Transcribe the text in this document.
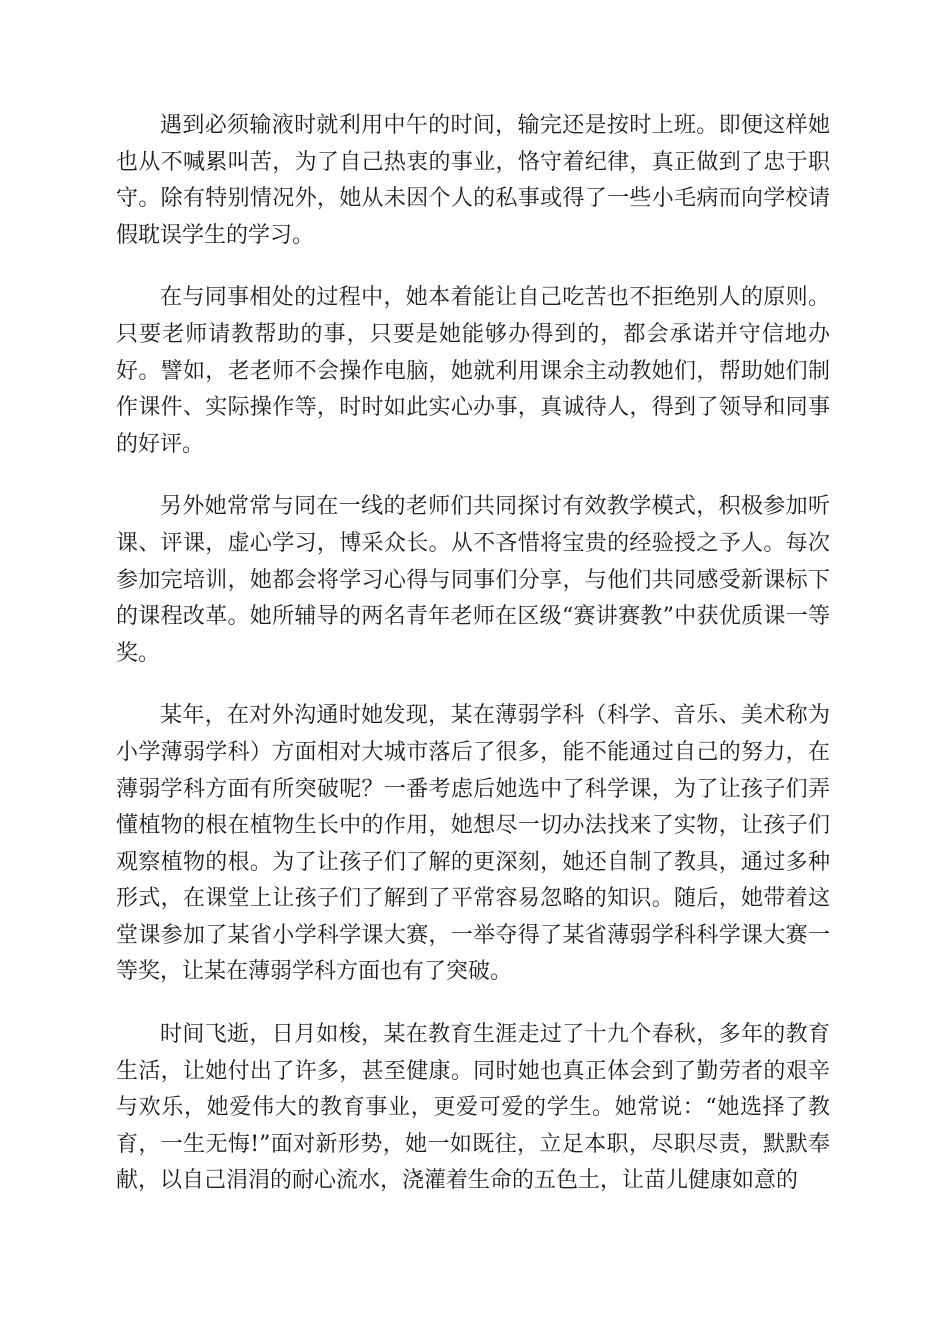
遇到必须输液时就利用中午的时间，输完还是按时上班。即便这样她也从不喊累叫苦，为了自己热衷的事业，恪守着纪律，真正做到了忠于职守。除有特别情况外，她从未因个人的私事或得了一些小毛病而向学校请假耽误学生的学习。

在与同事相处的过程中，她本着能让自己吃苦也不拒绝别人的原则。只要老师请教帮助的事，只要是她能够办得到的，都会承诺并守信地办好。譬如，老老师不会操作电脑，她就利用课余主动教她们，帮助她们制作课件、实际操作等，时时如此实心办事，真诚待人，得到了领导和同事的好评。

另外她常常与同在一线的老师们共同探讨有效教学模式，积极参加听课、评课，虚心学习，博采众长。从不吝惜将宝贵的经验授之予人。每次参加完培训，她都会将学习心得与同事们分享，与他们共同感受新课标下的课程改革。她所辅导的两名青年老师在区级“赛讲赛教”中获优质课一等奖。

某年，在对外沟通时她发现，某在薄弱学科（科学、音乐、美术称为小学薄弱学科）方面相对大城市落后了很多，能不能通过自己的努力，在薄弱学科方面有所突破呢？一番考虑后她选中了科学课，为了让孩子们弄懂植物的根在植物生长中的作用，她想尽一切办法找来了实物，让孩子们观察植物的根。为了让孩子们了解的更深刻，她还自制了教具，通过多种形式，在课堂上让孩子们了解到了平常容易忽略的知识。随后，她带着这堂课参加了某省小学科学课大赛，一举夺得了某省薄弱学科科学课大赛一等奖，让某在薄弱学科方面也有了突破。

时间飞逝，日月如梭，某在教育生涯走过了十九个春秋，多年的教育生活，让她付出了许多，甚至健康。同时她也真正体会到了勤劳者的艰辛与欢乐，她爱伟大的教育事业，更爱可爱的学生。她常说：“她选择了教育，一生无悔!”面对新形势，她一如既往，立足本职，尽职尽责，默默奉献，以自己涓涓的耐心流水，浇灌着生命的五色土，让苗儿健康如意的
